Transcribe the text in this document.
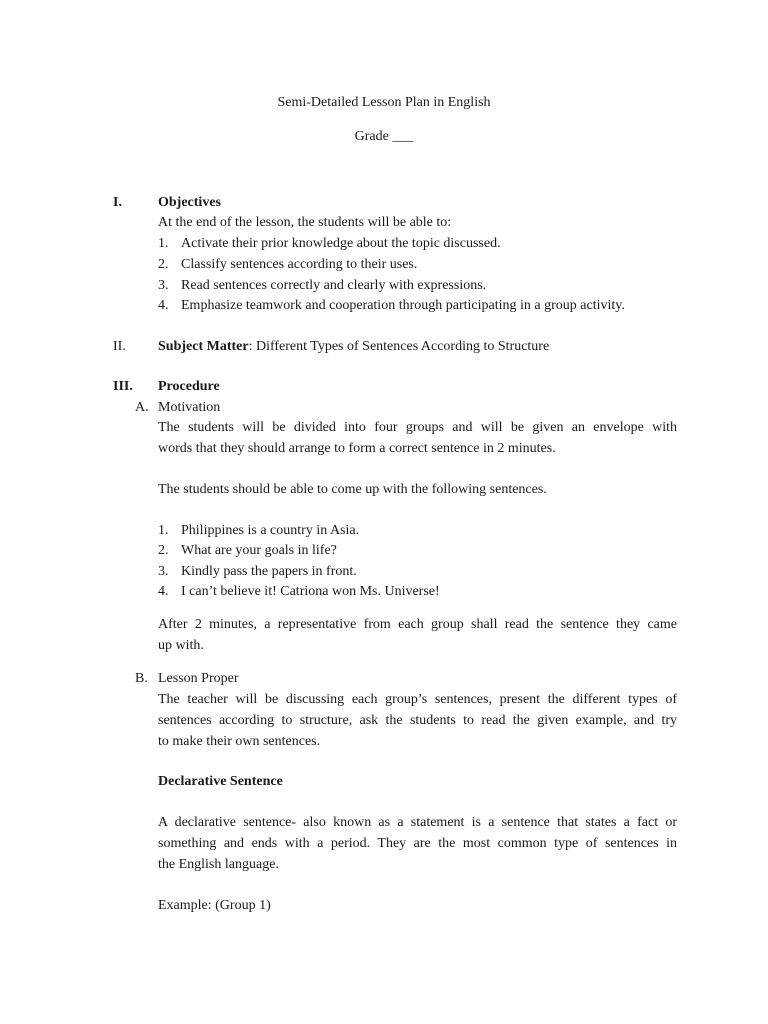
Semi-Detailed Lesson Plan in English
Grade ___
I.	Objectives
At the end of the lesson, the students will be able to:
1. Activate their prior knowledge about the topic discussed.
2. Classify sentences according to their uses.
3. Read sentences correctly and clearly with expressions.
4. Emphasize teamwork and cooperation through participating in a group activity.
II. Subject Matter: Different Types of Sentences According to Structure
III. Procedure
A. Motivation
The students will be divided into four groups and will be given an envelope with
words that they should arrange to form a correct sentence in 2 minutes.
The students should be able to come up with the following sentences.
1. Philippines is a country in Asia.
2. What are your goals in life?
3. Kindly pass the papers in front.
4. I can’t believe it! Catriona won Ms. Universe!
After 2 minutes, a representative from each group shall read the sentence they came
up with.
B. Lesson Proper
The teacher will be discussing each group’s sentences, present the different types of
sentences according to structure, ask the students to read the given example, and try
to make their own sentences.
Declarative Sentence
A declarative sentence- also known as a statement is a sentence that states a fact or
something and ends with a period. They are the most common type of sentences in
the English language.
Example: (Group 1)
